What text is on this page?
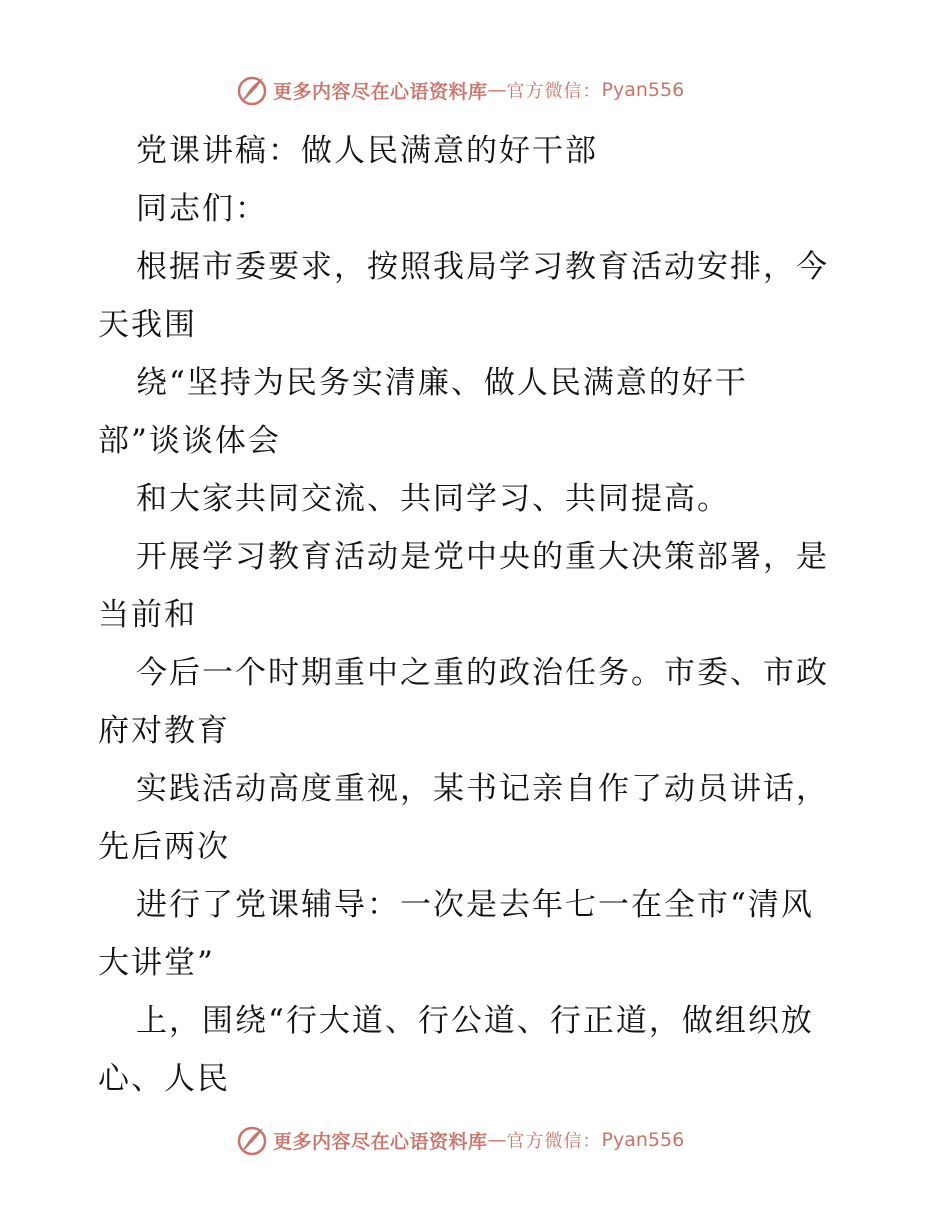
更多内容尽在心语资料库 — 官方微信： Pyan556
党课讲稿：做人民满意的好干部
同志们：
根据市委要求，按照我局学习教育活动安排，今
天我围
绕“坚持为民务实清廉、做人民满意的好干
部”谈谈体会
和大家共同交流、共同学习、共同提高。
开展学习教育活动是党中央的重大决策部署，是
当前和
今后一个时期重中之重的政治任务。市委、市政
府对教育
实践活动高度重视，某书记亲自作了动员讲话，
先后两次
进行了党课辅导：一次是去年七一在全市“清风
大讲堂”
上，围绕“行大道、行公道、行正道，做组织放
心、人民
更多内容尽在心语资料库 — 官方微信： Pyan556
